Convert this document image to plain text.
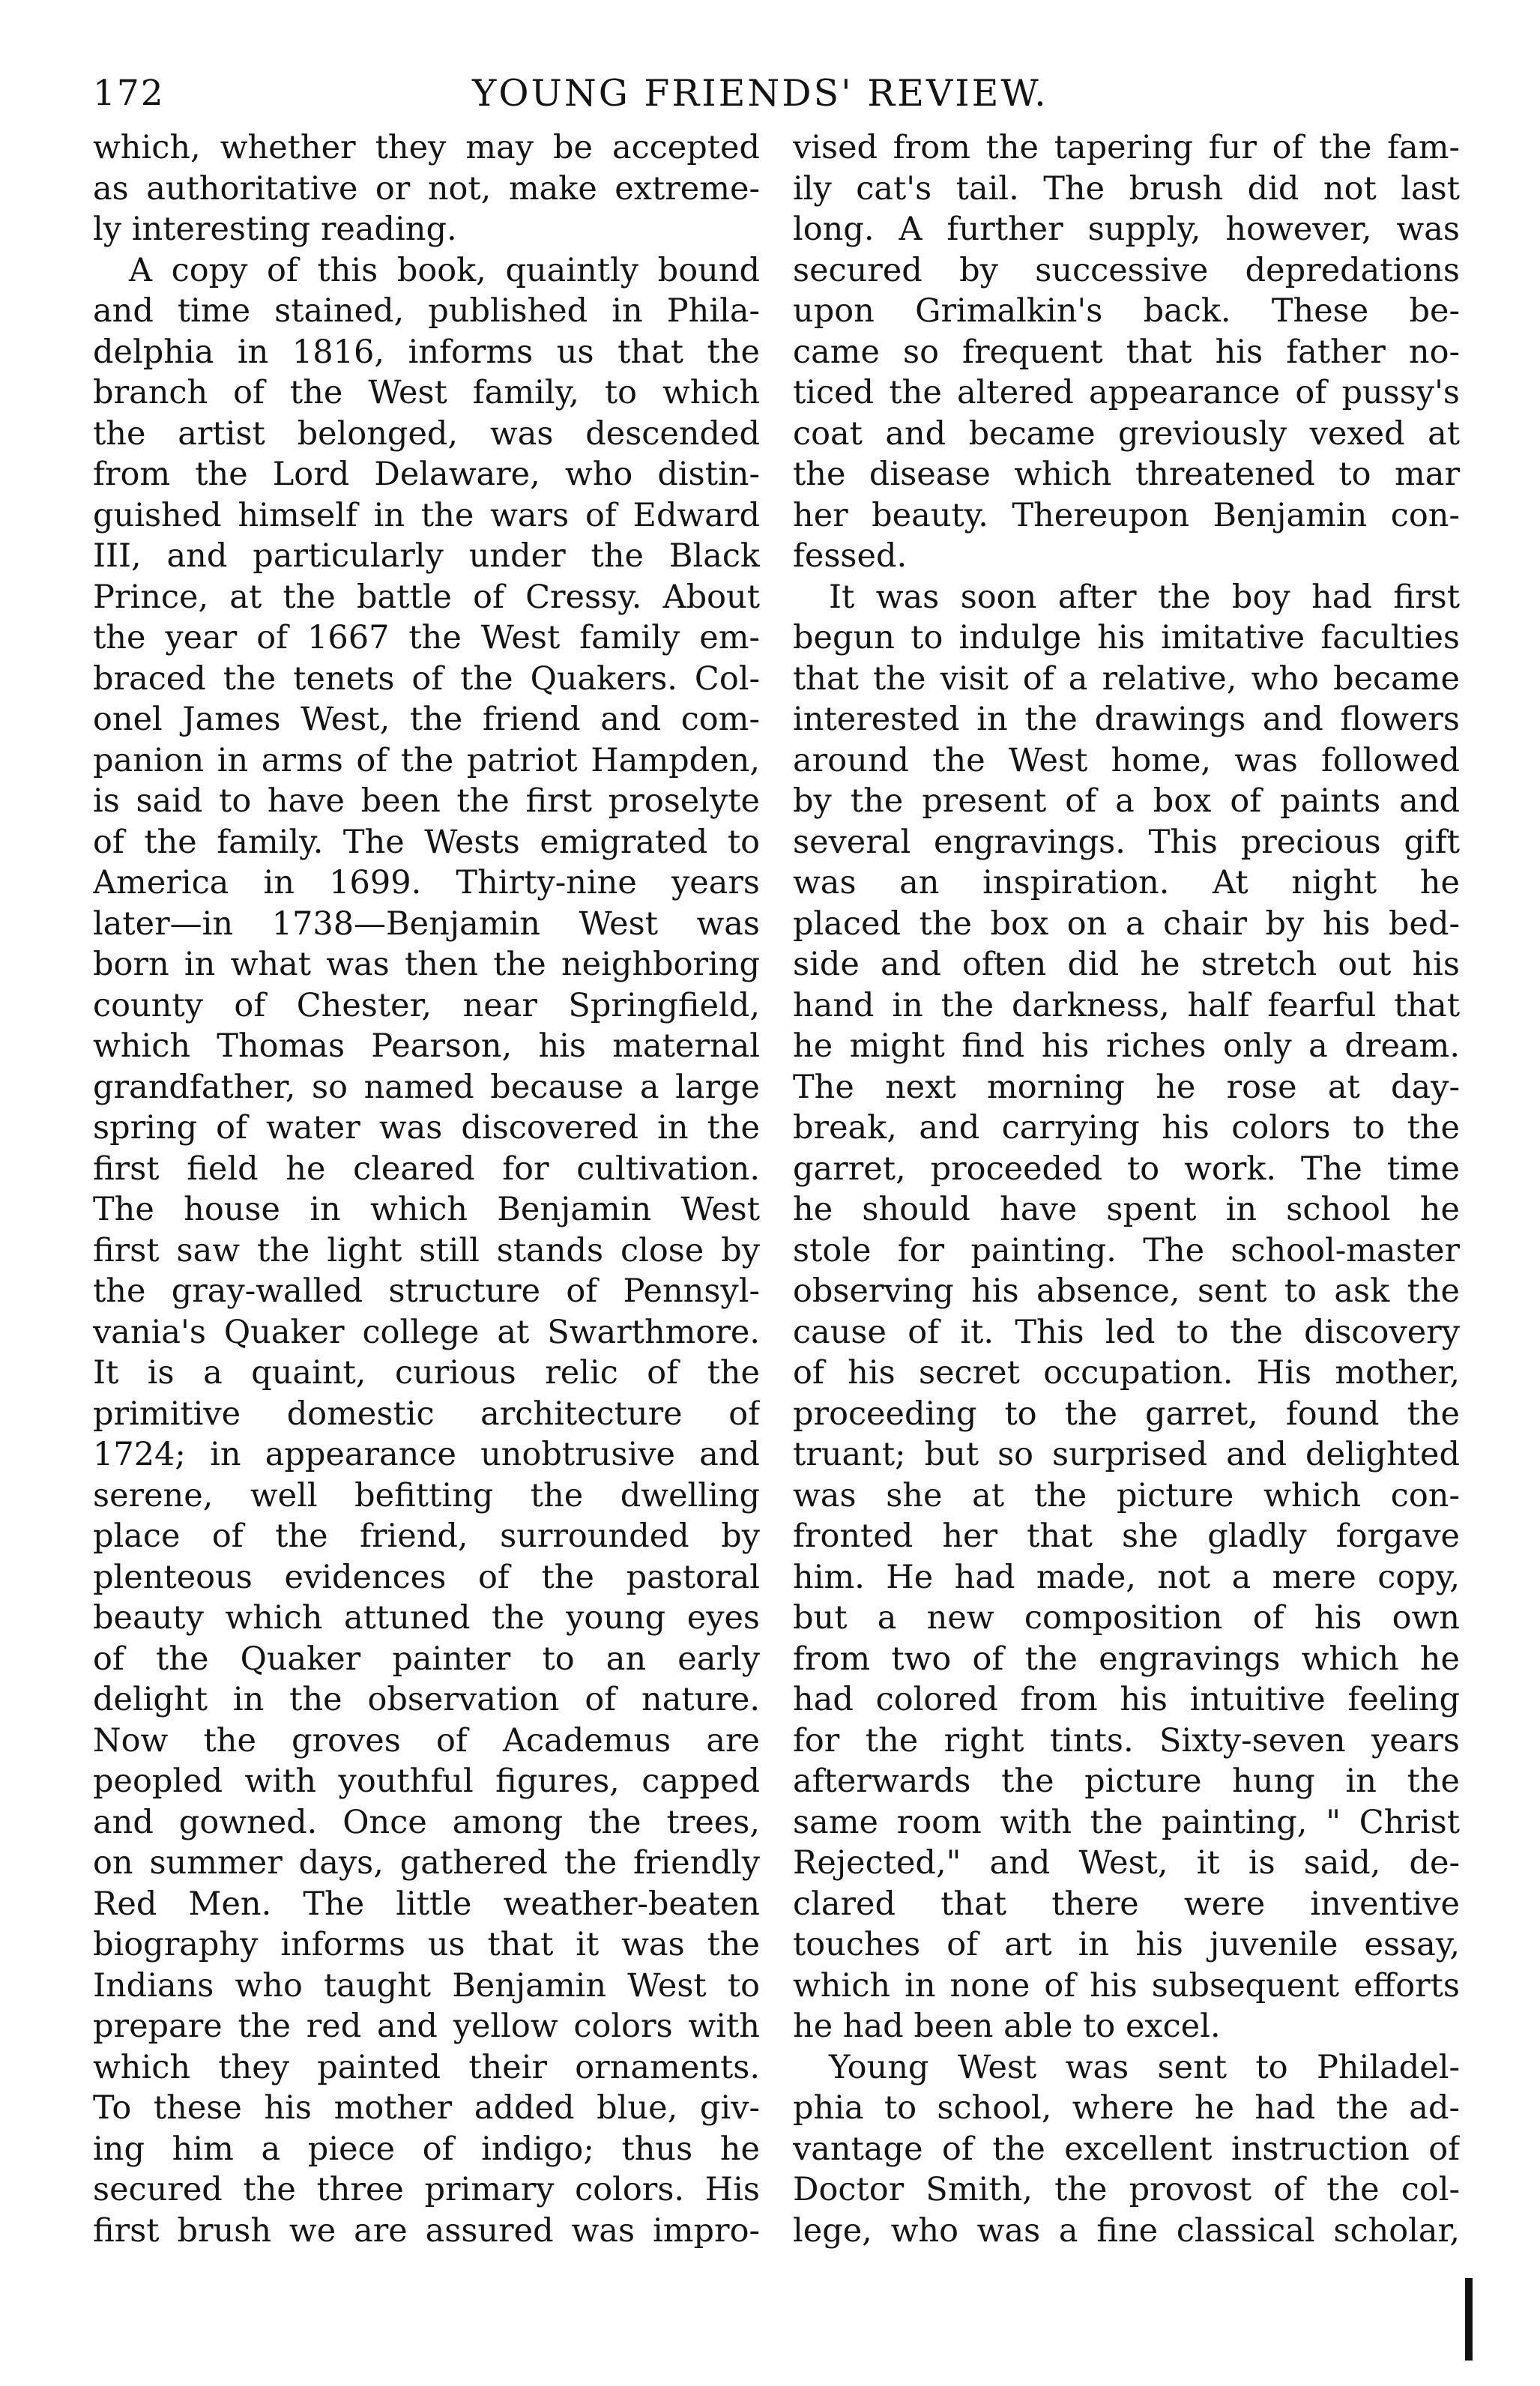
172	YOUNG FRIENDS' REVIEW.
which, whether they may be accepted
as authoritative or not, make extreme-
ly interesting reading.
A copy of this book, quaintly bound
and time stained, published in Phila-
delphia in 1816, informs us that the
branch of the West family, to which
the artist belonged, was descended
from the Lord Delaware, who distin-
guished himself in the wars of Edward
III, and particularly under the Black
Prince, at the battle of Cressy. About
the year of 1667 the West family em-
braced the tenets of the Quakers. Col-
onel James West, the friend and com-
panion in arms of the patriot Hampden,
is said to have been the first proselyte
of the family. The Wests emigrated to
America in 1699. Thirty-nine years
later—in 1738—Benjamin West was
born in what was then the neighboring
county of Chester, near Springfield,
which Thomas Pearson, his maternal
grandfather, so named because a large
spring of water was discovered in the
first field he cleared for cultivation.
The house in which Benjamin West
first saw the light still stands close by
the gray-walled structure of Pennsyl-
vania's Quaker college at Swarthmore.
It is a quaint, curious relic of the
primitive domestic architecture of
1724; in appearance unobtrusive and
serene, well befitting the dwelling
place of the friend, surrounded by
plenteous evidences of the pastoral
beauty which attuned the young eyes
of the Quaker painter to an early
delight in the observation of nature.
Now the groves of Academus are
peopled with youthful figures, capped
and gowned. Once among the trees,
on summer days, gathered the friendly
Red Men. The little weather-beaten
biography informs us that it was the
Indians who taught Benjamin West to
prepare the red and yellow colors with
which they painted their ornaments.
To these his mother added blue, giv-
ing him a piece of indigo; thus he
secured the three primary colors. His
first brush we are assured was impro-
vised from the tapering fur of the fam-
ily cat's tail. The brush did not last
long. A further supply, however, was
secured by successive depredations
upon Grimalkin's back. These be-
came so frequent that his father no-
ticed the altered appearance of pussy's
coat and became greviously vexed at
the disease which threatened to mar
her beauty. Thereupon Benjamin con-
fessed.
It was soon after the boy had first
begun to indulge his imitative faculties
that the visit of a relative, who became
interested in the drawings and flowers
around the West home, was followed
by the present of a box of paints and
several engravings. This precious gift
was an inspiration. At night he
placed the box on a chair by his bed-
side and often did he stretch out his
hand in the darkness, half fearful that
he might find his riches only a dream.
The next morning he rose at day-
break, and carrying his colors to the
garret, proceeded to work. The time
he should have spent in school he
stole for painting. The school-master
observing his absence, sent to ask the
cause of it. This led to the discovery
of his secret occupation. His mother,
proceeding to the garret, found the
truant; but so surprised and delighted
was she at the picture which con-
fronted her that she gladly forgave
him. He had made, not a mere copy,
but a new composition of his own
from two of the engravings which he
had colored from his intuitive feeling
for the right tints. Sixty-seven years
afterwards the picture hung in the
same room with the painting, " Christ
Rejected," and West, it is said, de-
clared that there were inventive
touches of art in his juvenile essay,
which in none of his subsequent efforts
he had been able to excel.
Young West was sent to Philadel-
phia to school, where he had the ad-
vantage of the excellent instruction of
Doctor Smith, the provost of the col-
lege, who was a fine classical scholar,
